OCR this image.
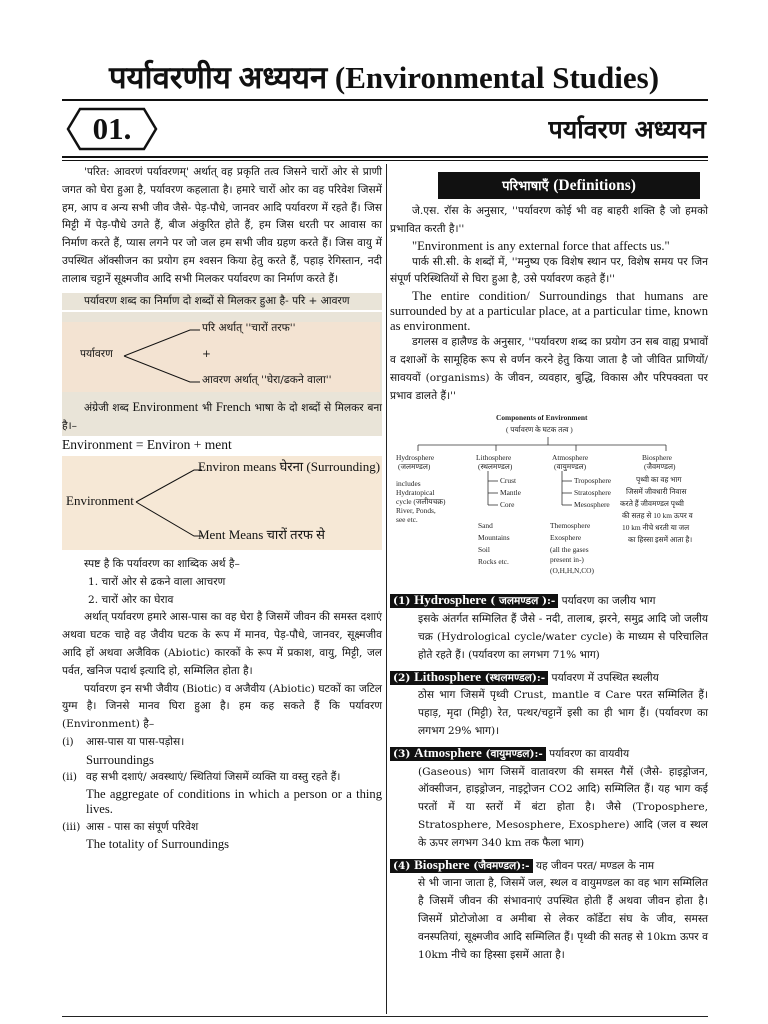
पर्यावरणीय अध्ययन (Environmental Studies)
01.	पर्यावरण अध्ययन

'परित: आवरणं पर्यावरणम्' अर्थात् वह प्रकृति तत्व जिसने चारों ओर से प्राणी जगत को घेरा हुआ है, पर्यावरण कहलाता है। हमारे चारों ओर का वह परिवेश जिसमें हम, आप व अन्य सभी जीव जैसे- पेड़-पौधे, जानवर आदि पर्यावरण में रहते हैं। जिस मिट्टी में पेड़-पौधे उगते हैं, बीज अंकुरित होते हैं, हम जिस धरती पर आवास का निर्माण करते हैं, प्यास लगने पर जो जल हम सभी जीव ग्रहण करते हैं। जिस वायु में उपस्थित ऑक्सीजन का प्रयोग हम श्वसन किया हेतु करते हैं, पहाड़ रेगिस्तान, नदी तालाब चट्टानें सूक्ष्मजीव आदि सभी मिलकर पर्यावरण का निर्माण करते हैं।

पर्यावरण शब्द का निर्माण दो शब्दों से मिलकर हुआ है- परि + आवरण

पर्यावरण
परि अर्थात् ''चारों तरफ''
+
आवरण अर्थात् ''घेरा/ढकने वाला''

अंग्रेजी शब्द Environment भी French भाषा के दो शब्दों से मिलकर बना है।–

Environment = Environ + ment

Environment
Environ means घेरना (Surrounding)
Ment Means चारों तरफ से

स्पष्ट है कि पर्यावरण का शाब्दिक अर्थ है–

1. चारों ओर से ढकने वाला आचरण

2. चारों ओर का घेराव

अर्थात् पर्यावरण हमारे आस-पास का वह घेरा है जिसमें जीवन की समस्त दशाएं अथवा घटक चाहे वह जैवीय घटक के रूप में मानव, पेड़-पौधे, जानवर, सूक्ष्मजीव आदि हों अथवा अजैविक (Abiotic) कारकों के रूप में प्रकाश, वायु, मिट्टी, जल पर्वत, खनिज पदार्थ इत्यादि हो, सम्मिलित होता है।

पर्यावरण इन सभी जैवीय (Biotic) व अजैवीय (Abiotic) घटकों का जटिल युग्म है। जिनसे मानव घिरा हुआ है। हम कह सकते हैं कि पर्यावरण (Environment) है–

(i)	आस-पास या पास-पड़ोस।

Surroundings

(ii) वह सभी दशाएं/ अवस्थाएं/ स्थितियां जिसमें व्यक्ति या वस्तु रहते हैं।

The aggregate of conditions in which a person or a thing lives.

(iii) आस - पास का संपूर्ण परिवेश

The totality of Surroundings

परिभाषाएँ (Definitions)

जे.एस. रॉस के अनुसार, ''पर्यावरण कोई भी वह बाहरी शक्ति है जो हमको प्रभावित करती है।''

"Environment is any external force that affects us."

पार्क सी.सी. के शब्दों में, ''मनुष्य एक विशेष स्थान पर, विशेष समय पर जिन संपूर्ण परिस्थितियों से घिरा हुआ है, उसे पर्यावरण कहते हैं।''

The entire condition/ Surroundings that humans are surrounded by at a particular place, at a particular time, known as environment.

डगलस व हालैण्ड के अनुसार, ''पर्यावरण शब्द का प्रयोग उन सब वाह्य प्रभावों व दशाओं के सामूहिक रूप से वर्णन करने हेतु किया जाता है जो जीवित प्राणियों/ सावयवों (organisms) के जीवन, व्यवहार, बुद्धि, विकास और परिपक्वता पर प्रभाव डालते हैं।''

Components of Environment
( पर्यावरण के घटक तत्व )
Hydrosphere
(जलमण्डल)
includes
Hydratopical
cycle (जलीयचक्र)
River, Ponds,
see etc.
Lithosphere
(स्थलमण्डल)
Crust
Mantle
Core
Sand
Mountains
Soil
Rocks etc.
Atmosphere
(वायुमण्डल)
Troposphere
Stratosphere
Mesosphere
Themosphere
Exosphere
(all the gases
present in-)
(O,H,H,N,CO)
Biosphere
(जैवमण्डल)
पृथ्वी का वह भाग
जिसमें जीवधारी निवास
करते हैं जीवमण्डल पृथ्वी
की सतह से 10 km ऊपर व
10 km नीचे धरती या जल
का हिस्सा इसमें आता है।

(1) Hydrosphere ( जलमण्डल ):- पर्यावरण का जलीय भाग

इसके अंतर्गत सम्मिलित हैं जैसे - नदी, तालाब, झरने, समुद्र आदि जो जलीय चक्र (Hydrological cycle/water cycle) के माध्यम से परिचालित होते रहते हैं। (पर्यावरण का लगभग 71% भाग)

(2) Lithosphere (स्थलमण्डल):- पर्यावरण में उपस्थित स्थलीय

ठोस भाग जिसमें पृथ्वी Crust, mantle व Care परत सम्मिलित हैं। पहाड़, मृदा (मिट्टी) रेत, पत्थर/चट्टानें इसी का ही भाग हैं। (पर्यावरण का लगभग 29% भाग)।

(3) Atmosphere (वायुमण्डल):- पर्यावरण का वायवीय

(Gaseous) भाग जिसमें वातावरण की समस्त गैसें (जैसे- हाइड्रोजन, ऑक्सीजन, हाइड्रोजन, नाइट्रोजन CO2 आदि) सम्मिलित हैं। यह भाग कई परतों में या स्तरों में बंटा होता है। जैसे (Troposphere, Stratosphere, Mesosphere, Exosphere) आदि (जल व स्थल के ऊपर लगभग 340 km तक फैला भाग)

(4) Biosphere (जैवमण्डल):- यह जीवन परत/ मण्डल के नाम

से भी जाना जाता है, जिसमें जल, स्थल व वायुमण्डल का वह भाग सम्मिलित है जिसमें जीवन की संभावनाएं उपस्थित होती हैं अथवा जीवन होता है। जिसमें प्रोटोजोआ व अमीबा से लेकर कॉर्डेटा संघ के जीव, समस्त वनस्पतियां, सूक्ष्मजीव आदि सम्मिलित हैं। पृथ्वी की सतह से 10km ऊपर व 10km नीचे का हिस्सा इसमें आता है।
